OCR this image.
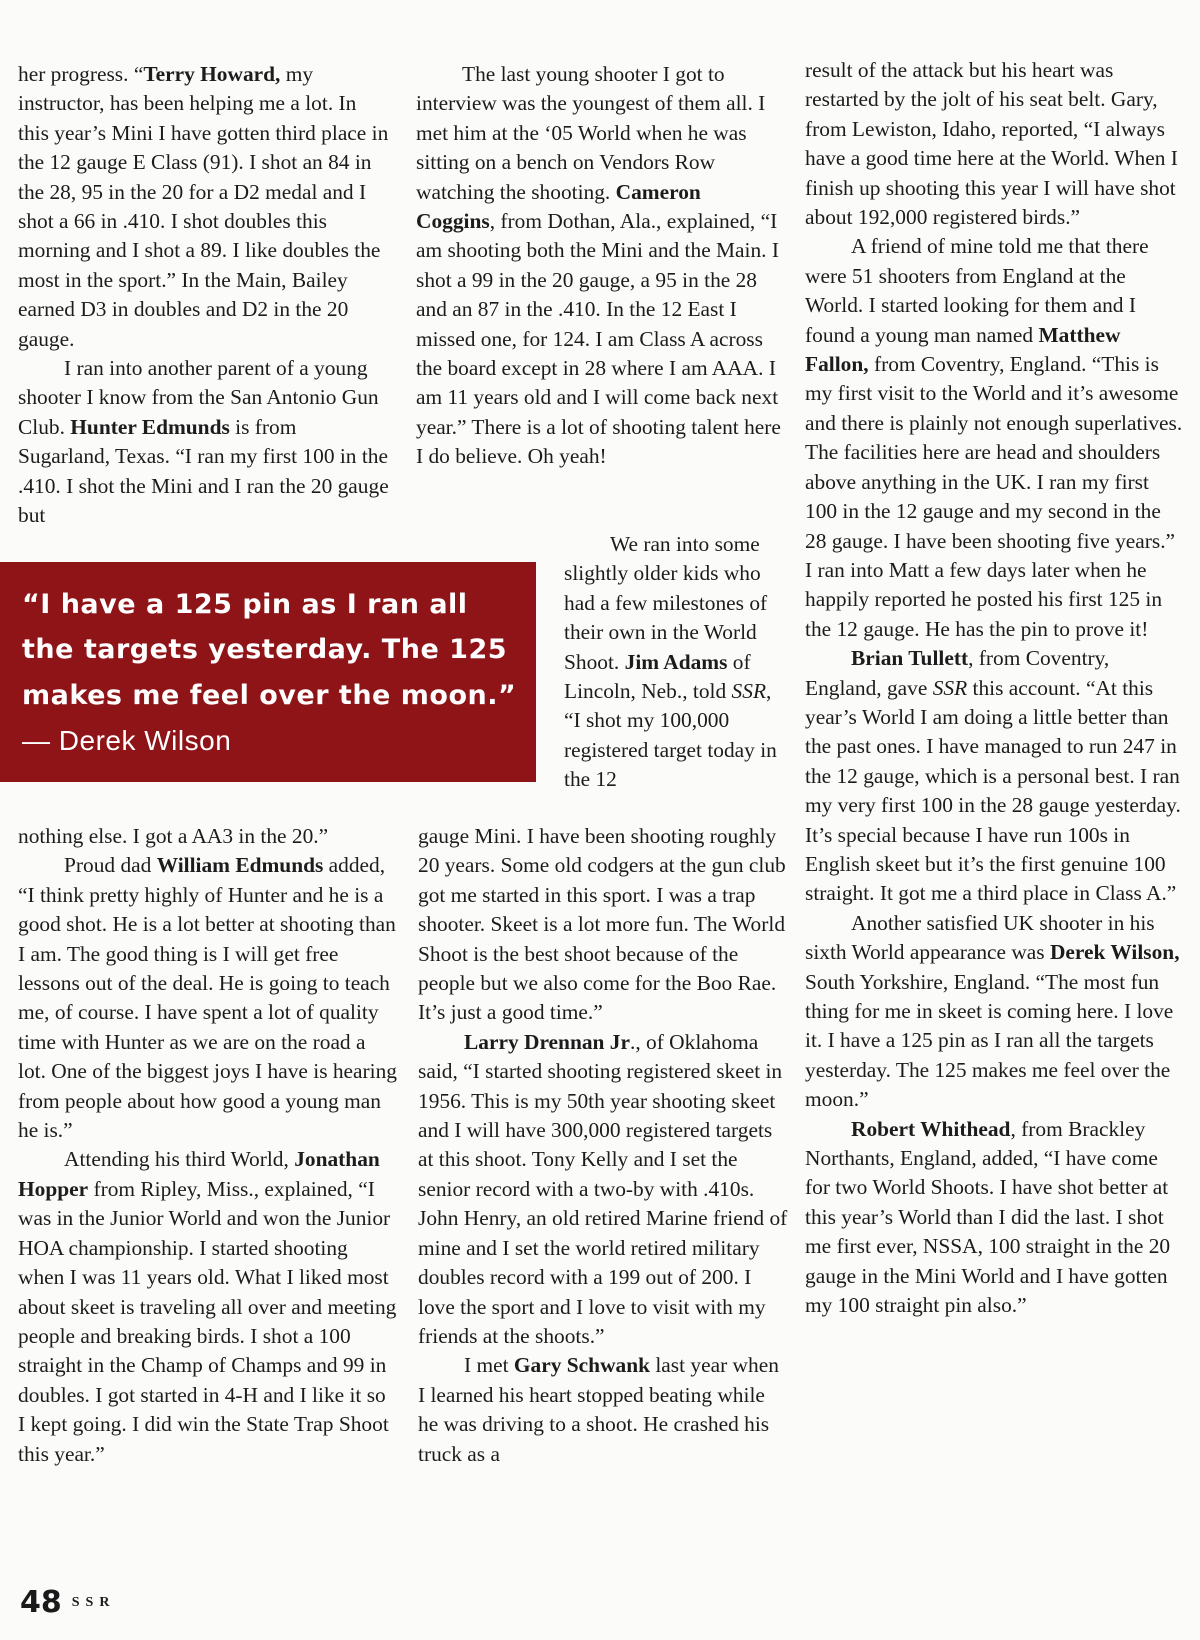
her progress. “Terry Howard, my instructor, has been helping me a lot. In this year’s Mini I have gotten third place in the 12 gauge E Class (91). I shot an 84 in the 28, 95 in the 20 for a D2 medal and I shot a 66 in .410. I shot doubles this morning and I shot a 89. I like doubles the most in the sport.” In the Main, Bailey earned D3 in doubles and D2 in the 20 gauge.

I ran into another parent of a young shooter I know from the San Antonio Gun Club. Hunter Edmunds is from Sugarland, Texas. “I ran my first 100 in the .410. I shot the Mini and I ran the 20 gauge but

“I have a 125 pin as I ran all the targets yesterday. The 125 makes me feel over the moon.” — Derek Wilson

nothing else. I got a AA3 in the 20.”

Proud dad William Edmunds added, “I think pretty highly of Hunter and he is a good shot. He is a lot better at shooting than I am. The good thing is I will get free lessons out of the deal. He is going to teach me, of course. I have spent a lot of quality time with Hunter as we are on the road a lot. One of the biggest joys I have is hearing from people about how good a young man he is.”

Attending his third World, Jonathan Hopper from Ripley, Miss., explained, “I was in the Junior World and won the Junior HOA championship. I started shooting when I was 11 years old. What I liked most about skeet is traveling all over and meeting people and breaking birds. I shot a 100 straight in the Champ of Champs and 99 in doubles. I got started in 4-H and I like it so I kept going. I did win the State Trap Shoot this year.”

The last young shooter I got to interview was the youngest of them all. I met him at the ‘05 World when he was sitting on a bench on Vendors Row watching the shooting. Cameron Coggins, from Dothan, Ala., explained, “I am shooting both the Mini and the Main. I shot a 99 in the 20 gauge, a 95 in the 28 and an 87 in the .410. In the 12 East I missed one, for 124. I am Class A across the board except in 28 where I am AAA. I am 11 years old and I will come back next year.” There is a lot of shooting talent here I do believe. Oh yeah!

We ran into some slightly older kids who had a few milestones of their own in the World Shoot. Jim Adams of Lincoln, Neb., told SSR, “I shot my 100,000 registered target today in the 12

gauge Mini. I have been shooting roughly 20 years. Some old codgers at the gun club got me started in this sport. I was a trap shooter. Skeet is a lot more fun. The World Shoot is the best shoot because of the people but we also come for the Boo Rae. It’s just a good time.”

Larry Drennan Jr., of Oklahoma said, “I started shooting registered skeet in 1956. This is my 50th year shooting skeet and I will have 300,000 registered targets at this shoot. Tony Kelly and I set the senior record with a two-by with .410s. John Henry, an old retired Marine friend of mine and I set the world retired military doubles record with a 199 out of 200. I love the sport and I love to visit with my friends at the shoots.”

I met Gary Schwank last year when I learned his heart stopped beating while he was driving to a shoot. He crashed his truck as a

result of the attack but his heart was restarted by the jolt of his seat belt. Gary, from Lewiston, Idaho, reported, “I always have a good time here at the World. When I finish up shooting this year I will have shot about 192,000 registered birds.”

A friend of mine told me that there were 51 shooters from England at the World. I started looking for them and I found a young man named Matthew Fallon, from Coventry, England. “This is my first visit to the World and it’s awesome and there is plainly not enough superlatives. The facilities here are head and shoulders above anything in the UK. I ran my first 100 in the 12 gauge and my second in the 28 gauge. I have been shooting five years.” I ran into Matt a few days later when he happily reported he posted his first 125 in the 12 gauge. He has the pin to prove it!

Brian Tullett, from Coventry, England, gave SSR this account. “At this year’s World I am doing a little better than the past ones. I have managed to run 247 in the 12 gauge, which is a personal best. I ran my very first 100 in the 28 gauge yesterday. It’s special because I have run 100s in English skeet but it’s the first genuine 100 straight. It got me a third place in Class A.”

Another satisfied UK shooter in his sixth World appearance was Derek Wilson, South Yorkshire, England. “The most fun thing for me in skeet is coming here. I love it. I have a 125 pin as I ran all the targets yesterday. The 125 makes me feel over the moon.”

Robert Whithead, from Brackley Northants, England, added, “I have come for two World Shoots. I have shot better at this year’s World than I did the last. I shot me first ever, NSSA, 100 straight in the 20 gauge in the Mini World and I have gotten my 100 straight pin also.”

48 SSR
